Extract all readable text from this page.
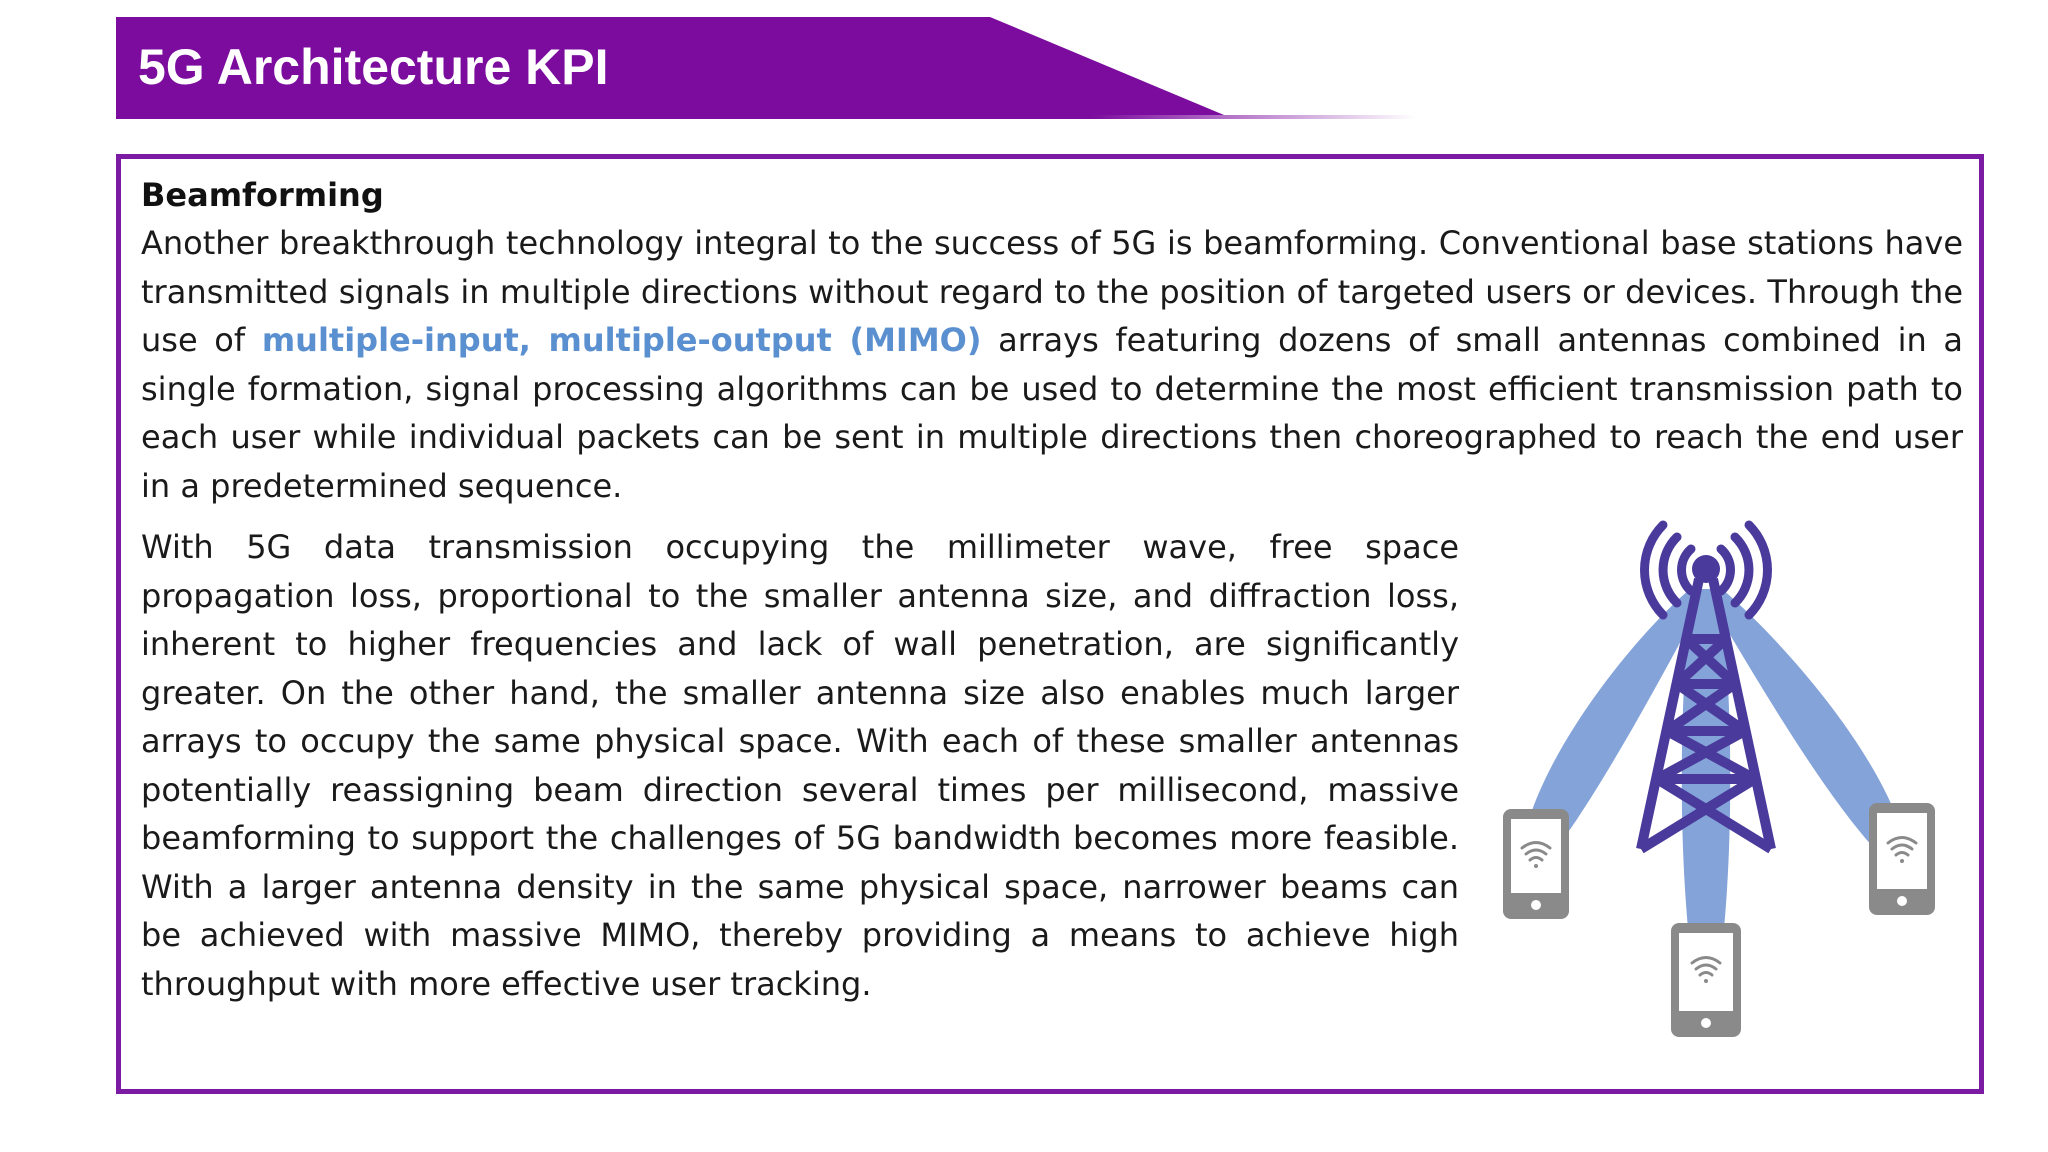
5G Architecture KPI
Beamforming

Another breakthrough technology integral to the success of 5G is beamforming. Conventional base stations have transmitted signals in multiple directions without regard to the position of targeted users or devices. Through the use of multiple-input, multiple-output (MIMO) arrays featuring dozens of small antennas combined in a single formation, signal processing algorithms can be used to determine the most efficient transmission path to each user while individual packets can be sent in multiple directions then choreographed to reach the end user in a predetermined sequence.

With 5G data transmission occupying the millimeter wave, free space propagation loss, proportional to the smaller antenna size, and diffraction loss, inherent to higher frequencies and lack of wall penetration, are significantly greater. On the other hand, the smaller antenna size also enables much larger arrays to occupy the same physical space. With each of these smaller antennas potentially reassigning beam direction several times per millisecond, massive beamforming to support the challenges of 5G bandwidth becomes more feasible. With a larger antenna density in the same physical space, narrower beams can be achieved with massive MIMO, thereby providing a means to achieve high throughput with more effective user tracking.
